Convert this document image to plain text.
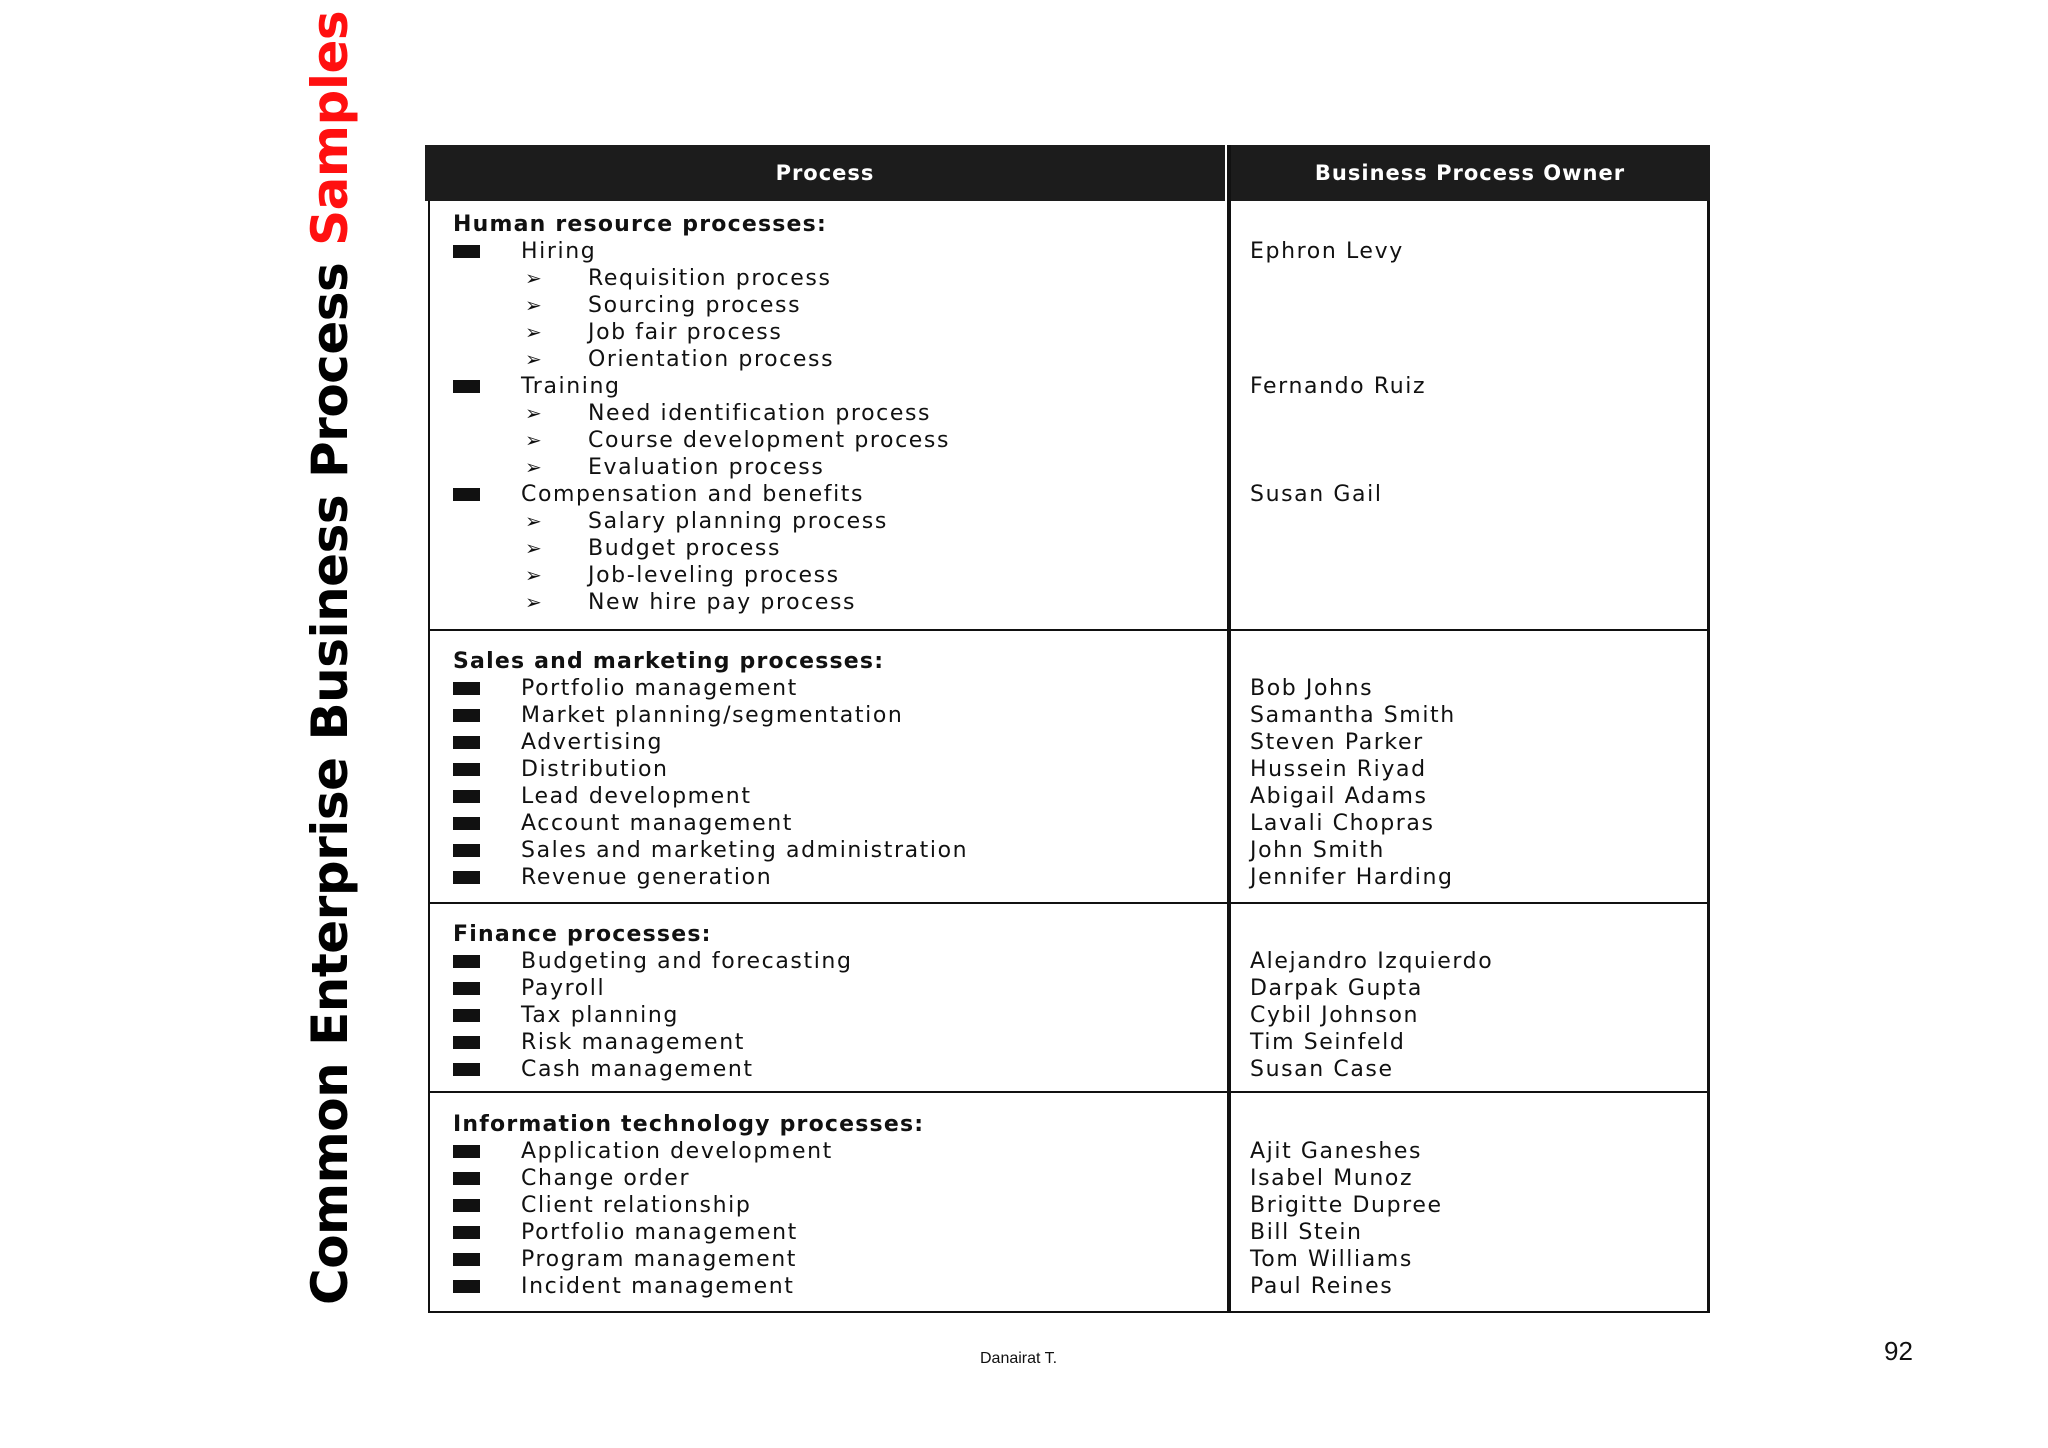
Common Enterprise Business Process Samples	Process	Business Process Owner
Human resource processes:
Hiring	Ephron Levy
➢ Requisition process
➢ Sourcing process
➢ Job fair process
➢ Orientation process
Training	Fernando Ruiz
➢ Need identification process
➢ Course development process
➢ Evaluation process
Compensation and benefits	Susan Gail
➢ Salary planning process
➢ Budget process
➢ Job-leveling process
➢ New hire pay process
Sales and marketing processes:
Portfolio management	Bob Johns
Market planning/segmentation	Samantha Smith
Advertising	Steven Parker
Distribution	Hussein Riyad
Lead development	Abigail Adams
Account management	Lavali Chopras
Sales and marketing administration	John Smith
Revenue generation	Jennifer Harding
Finance processes:
Budgeting and forecasting	Alejandro Izquierdo
Payroll	Darpak Gupta
Tax planning	Cybil Johnson
Risk management	Tim Seinfeld
Cash management	Susan Case
Information technology processes:
Application development	Ajit Ganeshes
Change order	Isabel Munoz
Client relationship	Brigitte Dupree
Portfolio management	Bill Stein
Program management	Tom Williams
Incident management	Paul Reines
Danairat T.	92
